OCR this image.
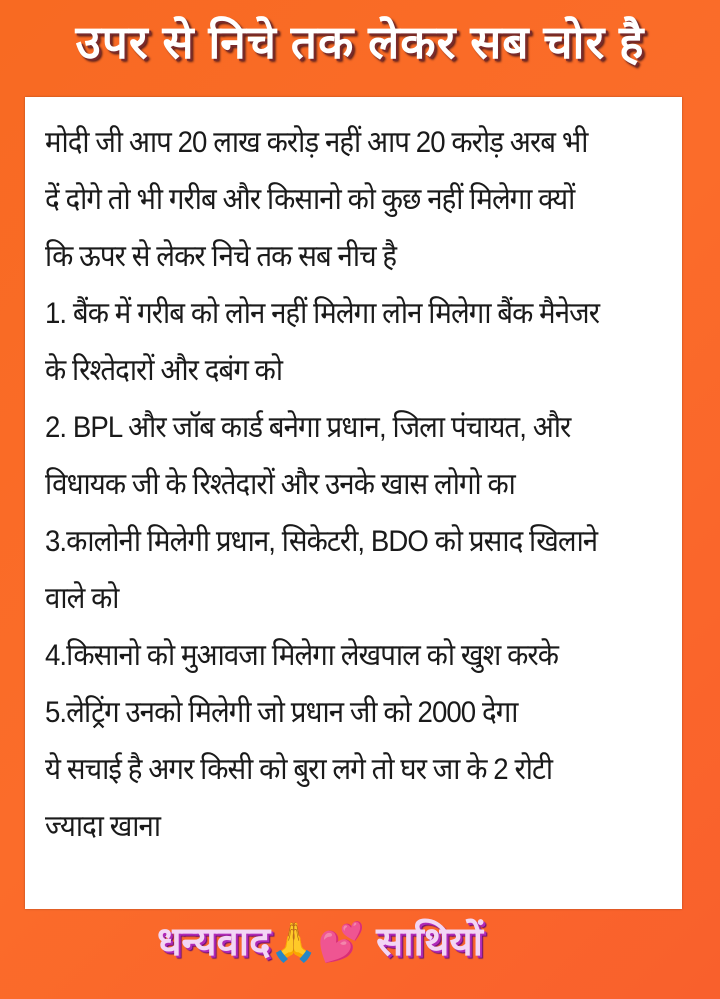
उपर से निचे तक लेकर सब चोर है
मोदी जी आप 20 लाख करोड़ नहीं आप 20 करोड़ अरब भी
दें दोगे तो भी गरीब और किसानो को कुछ नहीं मिलेगा क्यों
कि ऊपर से लेकर निचे तक सब नीच है
1. बैंक में गरीब को लोन नहीं मिलेगा लोन मिलेगा बैंक मैनेजर
के रिश्तेदारों और दबंग को
2. BPL और जॉब कार्ड बनेगा प्रधान, जिला पंचायत, और
विधायक जी के रिश्तेदारों और उनके खास लोगो का
3.कालोनी मिलेगी प्रधान, सिकेटरी, BDO को प्रसाद खिलाने
वाले को
4.किसानो को मुआवजा मिलेगा लेखपाल को खुश करके
5.लेट्रिंग उनको मिलेगी जो प्रधान जी को 2000 देगा
ये सचाई है अगर किसी को बुरा लगे तो घर जा के 2 रोटी
ज्यादा खाना
धन्यवाद🙏💕 साथियों
